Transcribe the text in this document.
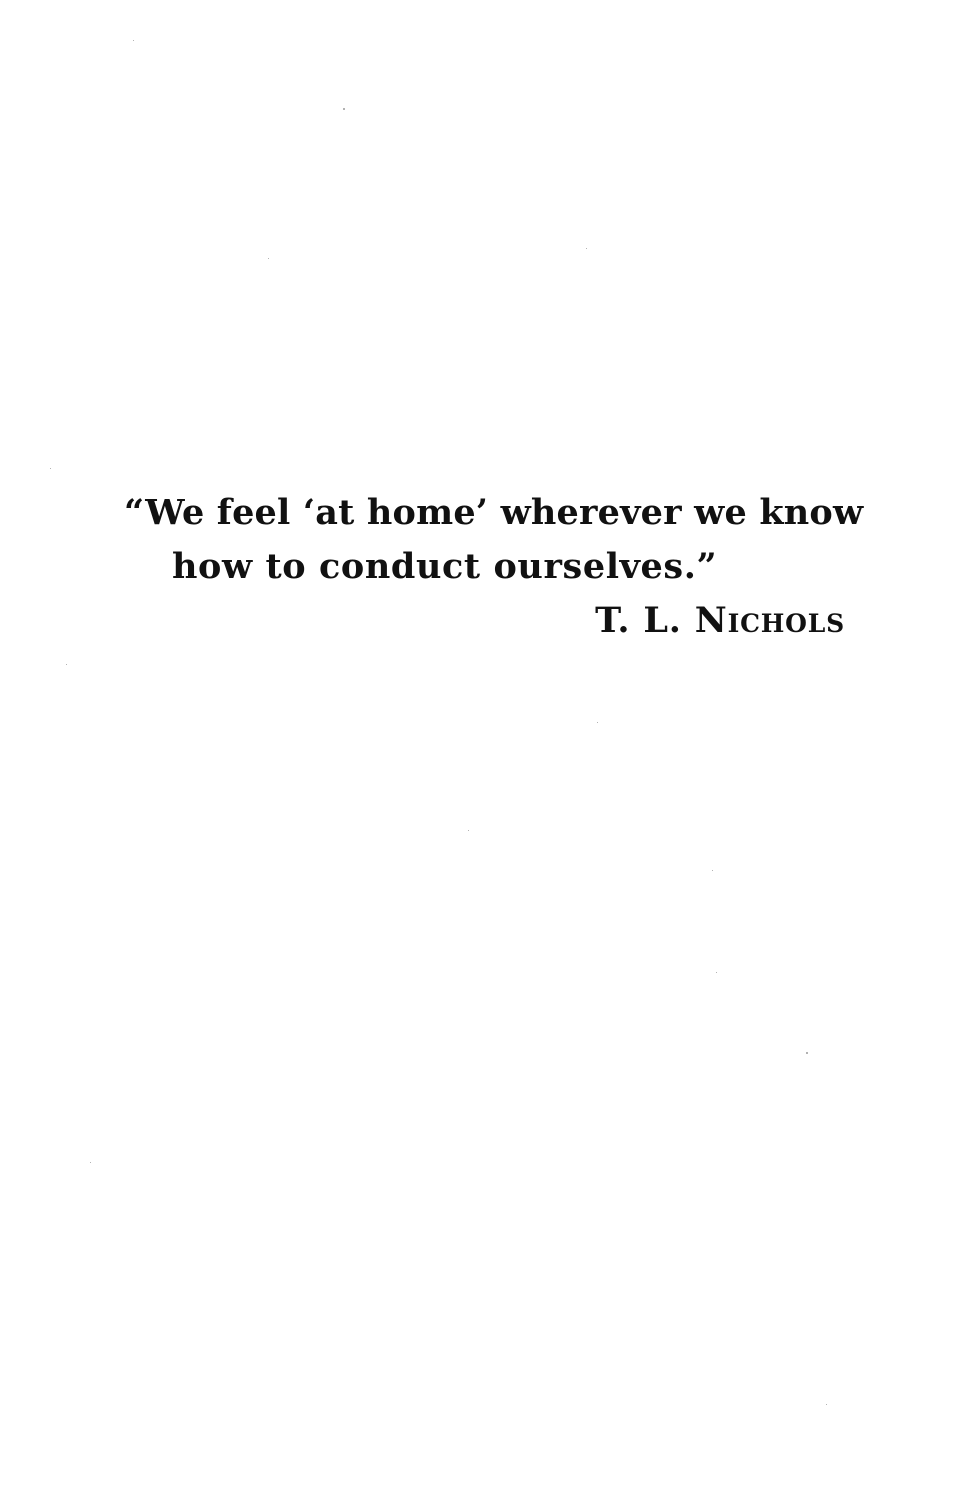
“We feel ‘at home’ wherever we know
how to conduct ourselves.”
T. L. Nichols
